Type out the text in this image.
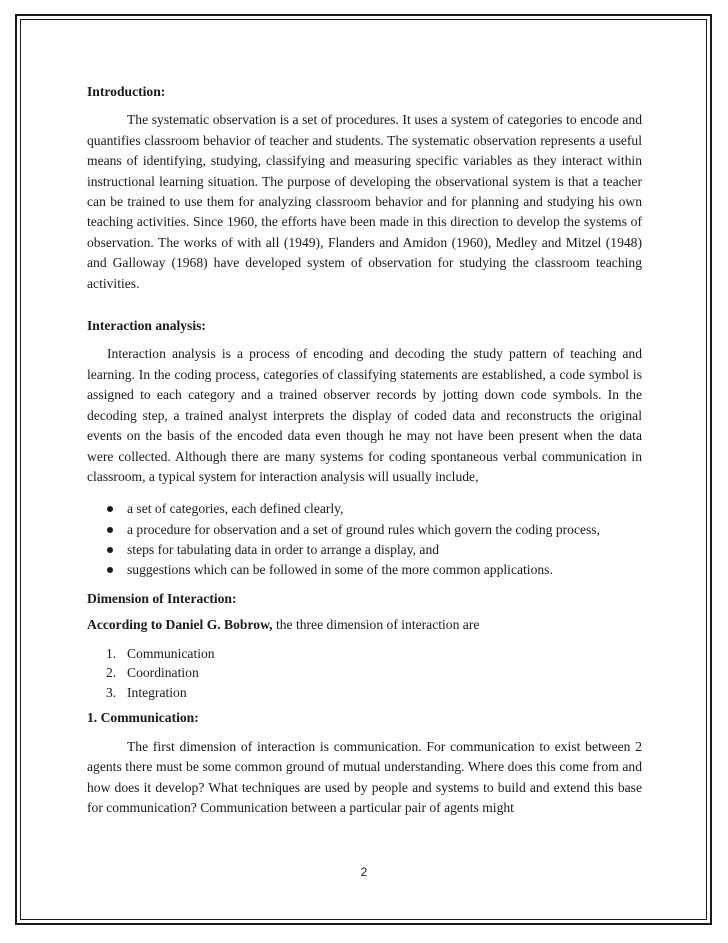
Introduction:

The systematic observation is a set of procedures. It uses a system of categories to encode and quantifies classroom behavior of teacher and students. The systematic observation represents a useful means of identifying, studying, classifying and measuring specific variables as they interact within instructional learning situation. The purpose of developing the observational system is that a teacher can be trained to use them for analyzing classroom behavior and for planning and studying his own teaching activities. Since 1960, the efforts have been made in this direction to develop the systems of observation. The works of with all (1949), Flanders and Amidon (1960), Medley and Mitzel (1948) and Galloway (1968) have developed system of observation for studying the classroom teaching activities.

Interaction analysis:

Interaction analysis is a process of encoding and decoding the study pattern of teaching and learning. In the coding process, categories of classifying statements are established, a code symbol is assigned to each category and a trained observer records by jotting down code symbols. In the decoding step, a trained analyst interprets the display of coded data and reconstructs the original events on the basis of the encoded data even though he may not have been present when the data were collected. Although there are many systems for coding spontaneous verbal communication in classroom, a typical system for interaction analysis will usually include,

a set of categories, each defined clearly,
a procedure for observation and a set of ground rules which govern the coding process,
steps for tabulating data in order to arrange a display, and
suggestions which can be followed in some of the more common applications.
Dimension of Interaction:

According to Daniel G. Bobrow, the three dimension of interaction are

1. Communication
2. Coordination
3. Integration
1. Communication:

The first dimension of interaction is communication. For communication to exist between 2 agents there must be some common ground of mutual understanding. Where does this come from and how does it develop? What techniques are used by people and systems to build and extend this base for communication? Communication between a particular pair of agents might

2
